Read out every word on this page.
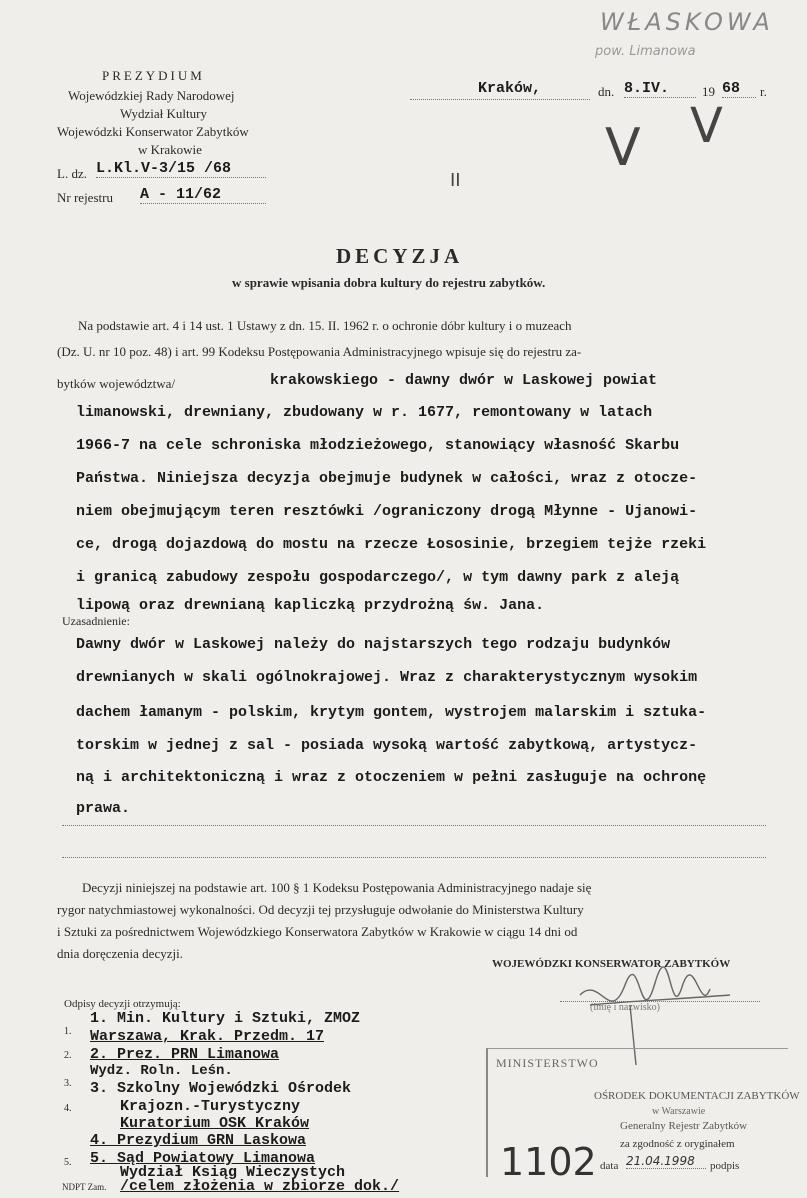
WŁASKOWA
pow. Limanowa
PREZYDIUM
Wojewódzkiej Rady Narodowej
Wydział Kultury
Wojewódzki Konserwator Zabytków
w Krakowie
L. dz. L.Kl.V-3/15 /68
Nr rejestru A - 11/62
Kraków,	dn. 8.IV.	19 68	r.
V V
II
DECYZJA
w sprawie wpisania dobra kultury do rejestru zabytków.
Na podstawie art. 4 i 14 ust. 1 Ustawy z dn. 15. II. 1962 r. o ochronie dóbr kultury i o muzeach
(Dz. U. nr 10 poz. 48) i art. 99 Kodeksu Postępowania Administracyjnego wpisuje się do rejestru za-
bytków województwa/	krakowskiego - dawny dwór w Laskowej powiat
limanowski, drewniany, zbudowany w r. 1677, remontowany w latach
1966-7 na cele schroniska młodzieżowego, stanowiący własność Skarbu
Państwa. Niniejsza decyzja obejmuje budynek w całości, wraz z otocze-
niem obejmującym teren resztówki /ograniczony drogą Młynne - Ujanowi-
ce, drogą dojazdową do mostu na rzecze Łososinie, brzegiem tejże rzeki
i granicą zabudowy zespołu gospodarczego/, w tym dawny park z aleją
lipową oraz drewnianą kapliczką przydrożną św. Jana.
Uzasadnienie:
Dawny dwór w Laskowej należy do najstarszych tego rodzaju budynków
drewnianych w skali ogólnokrajowej. Wraz z charakterystycznym wysokim
dachem łamanym - polskim, krytym gontem, wystrojem malarskim i sztuka-
torskim w jednej z sal - posiada wysoką wartość zabytkową, artystycz-
ną i architektoniczną i wraz z otoczeniem w pełni zasługuje na ochronę
prawa.
Decyzji niniejszej na podstawie art. 100 § 1 Kodeksu Postępowania Administracyjnego nadaje się
rygor natychmiastowej wykonalności. Od decyzji tej przysługuje odwołanie do Ministerstwa Kultury
i Sztuki za pośrednictwem Wojewódzkiego Konserwatora Zabytków w Krakowie w ciągu 14 dni od
dnia doręczenia decyzji.
WOJEWÓDZKI KONSERWATOR ZABYTKÓW
(imię i nazwisko)
Odpisy decyzji otrzymują:
1.
1. Min. Kultury i Sztuki, ZMOZ
Warszawa, Krak. Przedm. 17
2. 2. Prez. PRN Limanowa
Wydz. Roln. Leśn.
3. 3. Szkolny Wojewódzki Ośrodek
4.	Krajozn.-Turystyczny
Kuratorium OSK Kraków
4. Prezydium GRN Laskowa
5. 5. Sąd Powiatowy Limanowa
Wydział Ksiąg Wieczystych
/celem złożenia w zbiorze dok./
NDPT Zam.
MINISTERSTWO
OŚRODEK DOKUMENTACJI ZABYTKÓW
w Warszawie
Generalny Rejestr Zabytków
za zgodność z oryginałem
data 21.04.1998	podpis
1102
